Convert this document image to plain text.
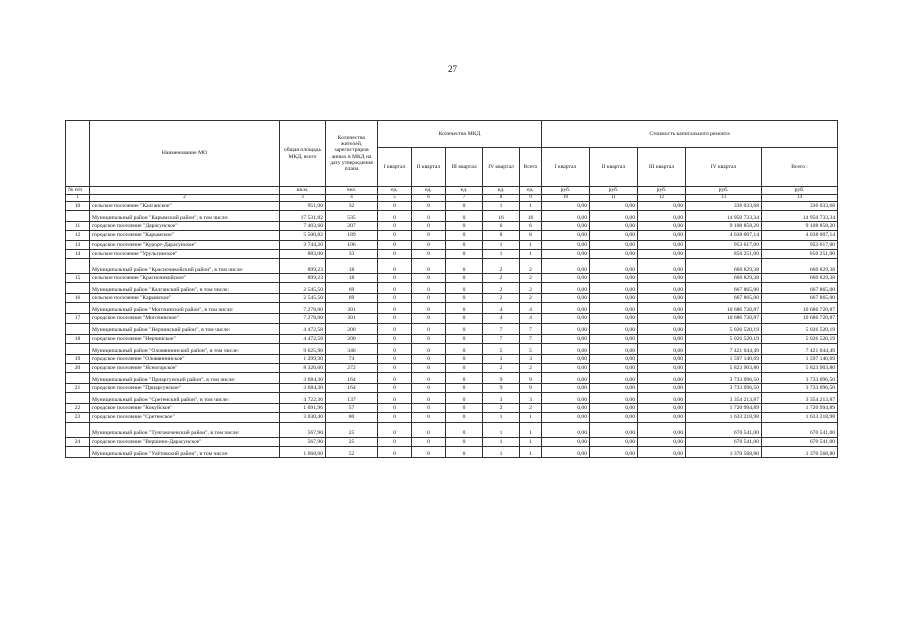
27
	Наименование МО	общая площадь МКД, всего	Количество жителей, зарегистриров анных в МКД на дату утверждения плана	Количество МКД					Стоимость капитального ремонта				
				I квартал	II квартал	III квартал	IV квартал	Всего	I квартал	II квартал	III квартал	IV квартал	Всего :
№ п/п		кв.м.	чел.	ед.	ед.	ед.	ед.	ед.	руб.	руб.	руб.	руб.	руб.
1	2	3	4	5	6	7	8	9	10	11	12	13	14
10	сельское поселение "Калганское"	951,00	32	0	0	0	1	1	0,00	0,00	0,00	336 033,68	336 033,68
	Муниципальный район "Карымский район", в том числе:	17 531,82	535	0	0	0	16	16	0,00	0,00	0,00	14 950 733,34	14 950 733,34
11	городское поселение "Дарасунское"	7 403,60	207	0	0	0	6	6	0,00	0,00	0,00	9 108 858,20	9 108 858,20
12	городское поселение "Карымское"	5 500,82	189	0	0	0	8	8	0,00	0,00	0,00	4 038 007,14	4 038 007,14
13	городское поселение "Курорт-Дарасунское"	3 744,20	106	0	0	0	1	1	0,00	0,00	0,00	953 617,00	953 617,00
14	сельское поселение "Урульгинское"	883,00	33	0	0	0	1	1	0,00	0,00	0,00	850 251,00	850 251,00
	Муниципальный район "Красночикойский район", в том числе:	899,23	18	0	0	0	2	2	0,00	0,00	0,00	660 829,38	660 829,38
15	сельское поселение "Красночикойское"	899,23	18	0	0	0	2	2	0,00	0,00	0,00	660 829,38	660 829,38
	Муниципальный район "Калганский район", в том числе:	2 545,50	69	0	0	0	2	2	0,00	0,00	0,00	667 865,00	667 865,00
16	сельское поселение "Карымское"	2 545,50	69	0	0	0	2	2	0,00	0,00	0,00	667 865,00	667 865,00
	Муниципальный район "Могочинский район", в том числе:	7 278,00	301	0	0	0	4	4	0,00	0,00	0,00	10 686 720,87	10 686 720,87
17	городское поселение "Могочинское"	7 278,00	301	0	0	0	4	4	0,00	0,00	0,00	10 686 720,87	10 686 720,87
	Муниципальный район "Нерчинский район", в том числе:	4 472,58	200	0	0	0	7	7	0,00	0,00	0,00	5 026 520,19	5 026 520,19
18	городское поселение "Нерчинское"	4 472,58	200	0	0	0	7	7	0,00	0,00	0,00	5 026 520,19	5 026 520,19
	Муниципальный район "Оловяннинский район", в том числе:	9 625,90	346	0	0	0	5	5	0,00	0,00	0,00	7 421 044,49	7 421 044,49
19	городское поселение "Оловяннинское"	1 299,30	74	0	0	0	3	3	0,00	0,00	0,00	1 597 140,69	1 597 140,69
20	городское поселение "Ясногорское"	8 326,60	272	0	0	0	2	2	0,00	0,00	0,00	5 823 903,80	5 823 903,80
	Муниципальный район "Приаргунский район", в том числе:	3 684,30	164	0	0	0	9	9	0,00	0,00	0,00	3 733 096,50	3 733 096,50
21	городское поселение "Приаргунское"	3 684,30	164	0	0	0	9	9	0,00	0,00	0,00	3 733 096,50	3 733 096,50
	Муниципальный район "Сретенский район", в том числе:	4 722,36	137	0	0	0	3	3	0,00	0,00	0,00	3 354 213,87	3 354 213,87
22	городское поселение "Кокуйское"	1 691,96	57	0	0	0	2	2	0,00	0,00	0,00	1 720 994,89	1 720 994,89
23	городское поселение "Сретенское"	3 030,40	80	0	0	0	1	1	0,00	0,00	0,00	1 633 218,98	1 633 218,98
	Муниципальный район "Тунгокоченский район", в том числе:	567,90	25	0	0	0	1	1	0,00	0,00	0,00	670 541,00	670 541,00
24	городское поселение "Вершино-Дарасунское"	567,90	25	0	0	0	1	1	0,00	0,00	0,00	670 541,00	670 541,00
	Муниципальный район "Улётовский район", в том числе:	1 668,00	52	0	0	0	1	1	0,00	0,00	0,00	1 370 568,80	1 370 568,80
